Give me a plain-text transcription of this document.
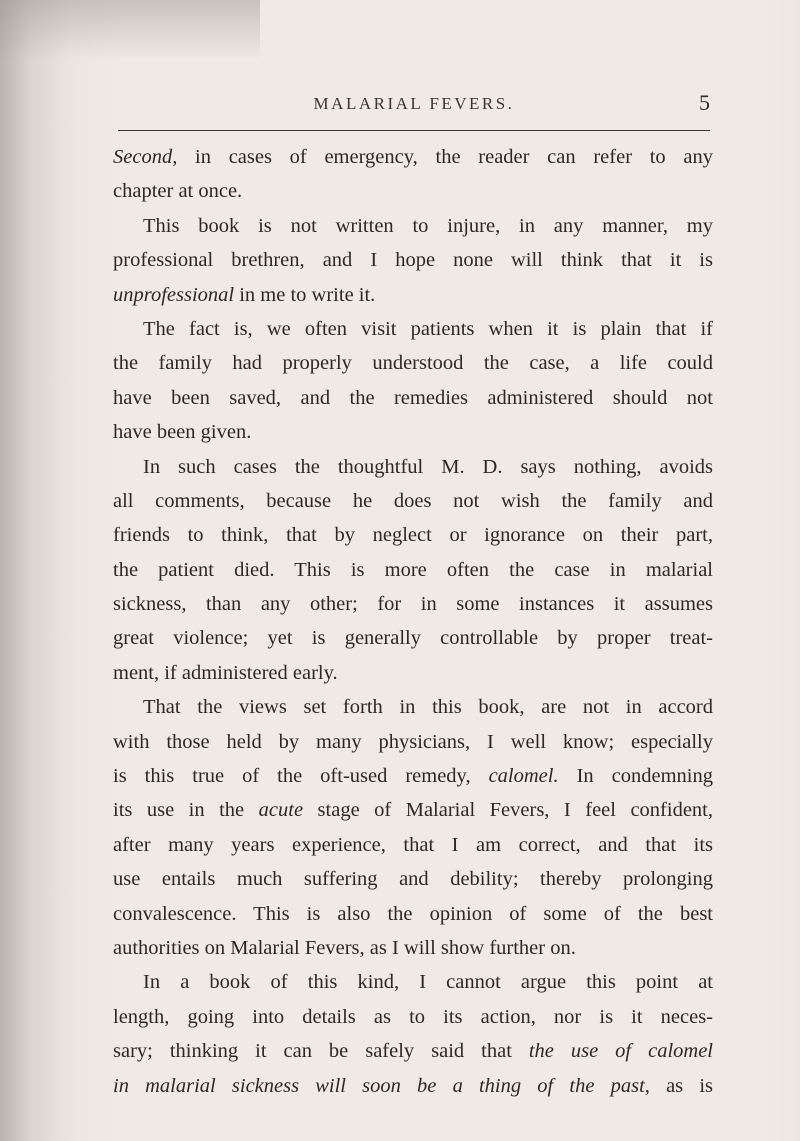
MALARIAL FEVERS.	5
Second, in cases of emergency, the reader can refer to any
chapter at once.
This book is not written to injure, in any manner, my
professional brethren, and I hope none will think that it is
unprofessional in me to write it.
The fact is, we often visit patients when it is plain that if
the family had properly understood the case, a life could
have been saved, and the remedies administered should not
have been given.
In such cases the thoughtful M. D. says nothing, avoids
all comments, because he does not wish the family and
friends to think, that by neglect or ignorance on their part,
the patient died. This is more often the case in malarial
sickness, than any other; for in some instances it assumes
great violence; yet is generally controllable by proper treat-
ment, if administered early.
That the views set forth in this book, are not in accord
with those held by many physicians, I well know; especially
is this true of the oft-used remedy, calomel. In condemning
its use in the acute stage of Malarial Fevers, I feel confident,
after many years experience, that I am correct, and that its
use entails much suffering and debility; thereby prolonging
convalescence. This is also the opinion of some of the best
authorities on Malarial Fevers, as I will show further on.
In a book of this kind, I cannot argue this point at
length, going into details as to its action, nor is it neces-
sary; thinking it can be safely said that the use of calomel
in malarial sickness will soon be a thing of the past, as is
